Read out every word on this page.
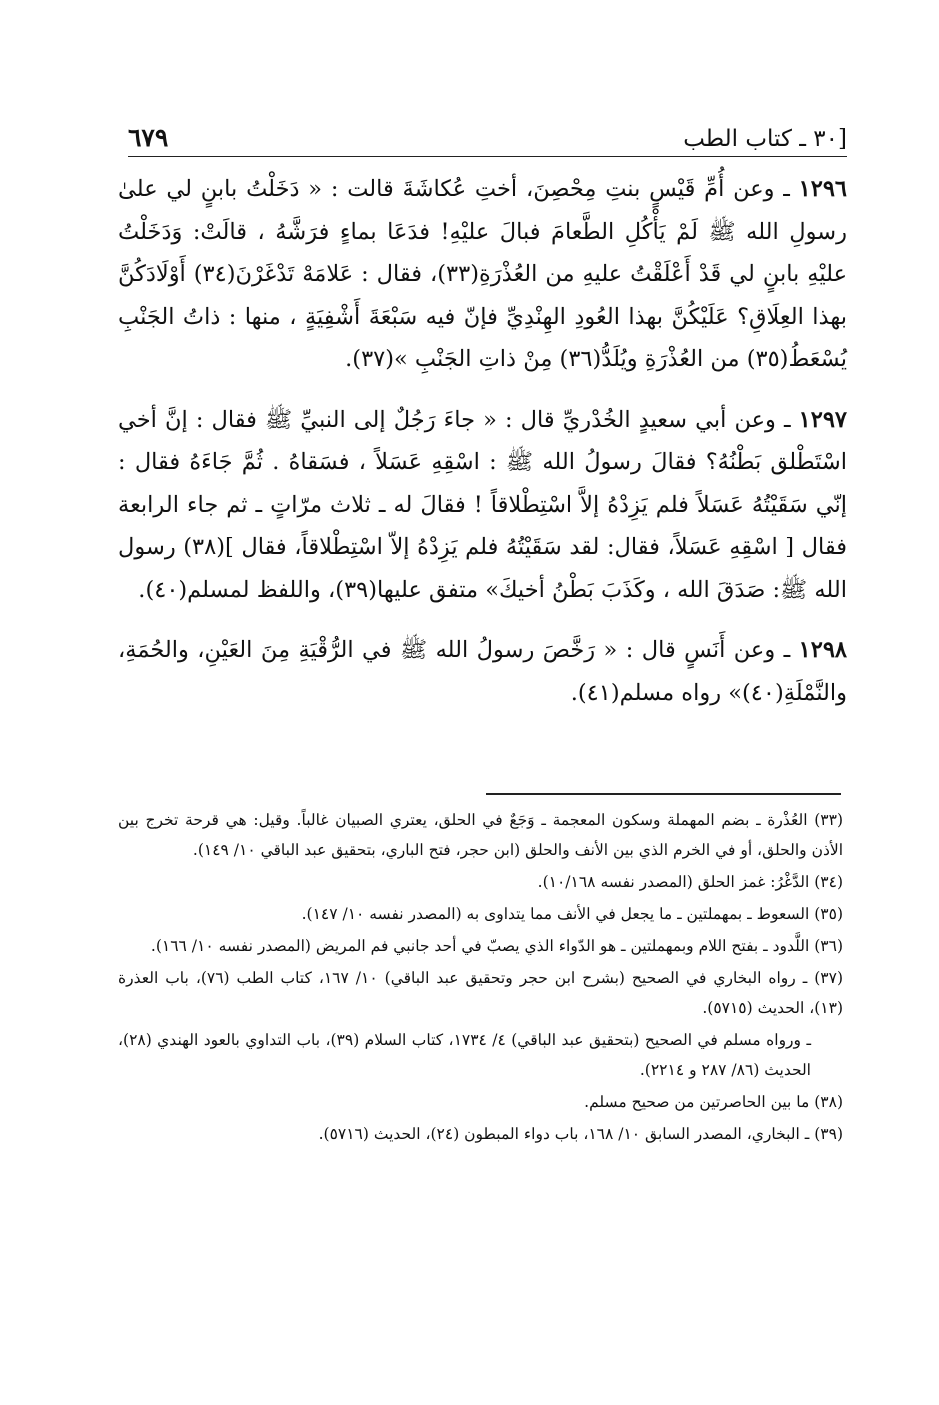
[٣٠ ـ كتاب الطب
٦٧٩

١٢٩٦ ـ وعن أُمِّ قَيْسٍ بنتِ مِحْصِنَ، أختِ عُكاشَةَ قالت : « دَخَلْتُ بابنٍ لي علىٰ رسولِ الله ﷺ لَمْ يَأْكُلِ الطَّعامَ فبالَ عليْهِ! فدَعَا بماءٍ فرَشَّهُ ، قالَتْ: وَدَخَلْتُ عليْهِ بابنٍ لي قَدْ أَعْلَقْتُ عليهِ من العُذْرَةِ(٣٣)، فقال : عَلامَهْ تَدْغَرْنَ(٣٤) أَوْلَادَكُنَّ بهذا العِلَاقِ؟ عَلَيْكُنَّ بهذا العُودِ الهِنْدِيِّ فإنّ فيه سَبْعَةَ أَشْفِيَةٍ ، منها : ذاتُ الجَنْبِ يُسْعَطُ(٣٥) من العُذْرَةِ ويُلَدُّ(٣٦) مِنْ ذاتِ الجَنْبِ »(٣٧).

١٢٩٧ ـ وعن أبي سعيدٍ الخُدْريِّ قال : « جاءَ رَجُلٌ إلى النبيِّ ﷺ فقال : إنَّ أخي اسْتَطْلق بَطْنُهُ؟ فقالَ رسولُ الله ﷺ : اسْقِهِ عَسَلاً ، فسَقاهُ . ثُمَّ جَاءَهُ فقال : إنّي سَقَيْتُهُ عَسَلاً فلم يَزِدْهُ إلاَّ اسْتِطْلاقاً ! فقالَ له ـ ثلاث مرّاتٍ ـ ثم جاء الرابعة فقال [ اسْقِهِ عَسَلاً، فقال: لقد سَقَيْتُهُ فلم يَزِدْهُ إلاّ اسْتِطْلاقاً، فقال ](٣٨) رسول الله ﷺ: صَدَقَ الله ، وكَذَبَ بَطْنُ أخيكَ» متفق عليها(٣٩)، واللفظ لمسلم(٤٠).

١٢٩٨ ـ وعن أَنَسٍ قال : « رَخَّصَ رسولُ الله ﷺ في الرُّقْيَةِ مِنَ العَيْنِ، والحُمَةِ، والنَّمْلَةِ(٤٠)» رواه مسلم(٤١).

(٣٣) العُذْرة ـ بضم المهملة وسكون المعجمة ـ وَجَعٌ في الحلق، يعتري الصبيان غالباً. وقيل: هي قرحة تخرج بين الأذن والحلق، أو في الخرم الذي بين الأنف والحلق (ابن حجر، فتح الباري، بتحقيق عبد الباقي ١٠/ ١٤٩).

(٣٤) الدَّغْرُ: غمز الحلق (المصدر نفسه ١٠/١٦٨).

(٣٥) السعوط ـ بمهملتين ـ ما يجعل في الأنف مما يتداوى به (المصدر نفسه ١٠/ ١٤٧).

(٣٦) اللَّدود ـ بفتح اللام وبمهملتين ـ هو الدّواء الذي يصبّ في أحد جانبي فم المريض (المصدر نفسه ١٠/ ١٦٦).

(٣٧) ـ رواه البخاري في الصحيح (بشرح ابن حجر وتحقيق عبد الباقي) ١٠/ ١٦٧، كتاب الطب (٧٦)، باب العذرة (١٣)، الحديث (٥٧١٥).

ـ ورواه مسلم في الصحيح (بتحقيق عبد الباقي) ٤/ ١٧٣٤، كتاب السلام (٣٩)، باب التداوي بالعود الهندي (٢٨)، الحديث (٨٦/ ٢٨٧ و ٢٢١٤).

(٣٨) ما بين الحاصرتين من صحيح مسلم.

(٣٩) ـ البخاري، المصدر السابق ١٠/ ١٦٨، باب دواء المبطون (٢٤)، الحديث (٥٧١٦).
